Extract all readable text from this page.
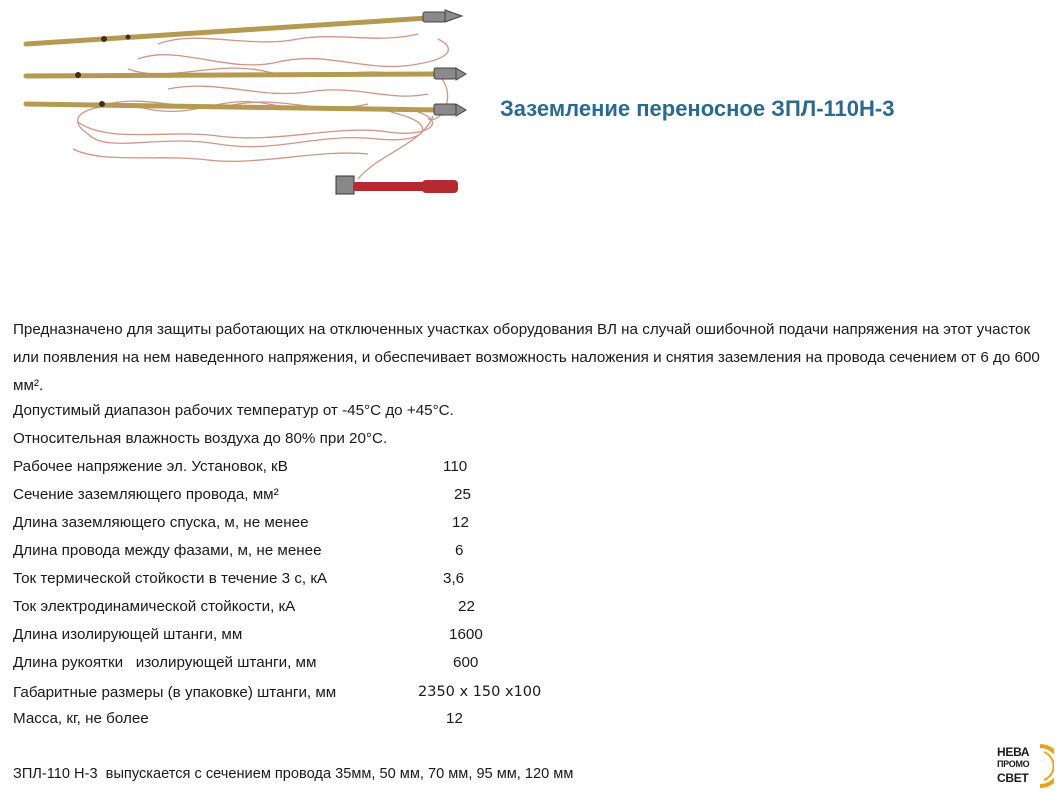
Заземление переносное ЗПЛ-110Н-3

Предназначено для защиты работающих на отключенных участках оборудования ВЛ на случай ошибочной подачи напряжения на этот участок или появления на нем наведенного напряжения, и обеспечивает возможность наложения и снятия заземления на провода сечением от 6 до 600 мм².

Допустимый диапазон рабочих температур от -45°С до +45°С.
Относительная влажность воздуха до 80% при 20°С.
Рабочее напряжение эл. Установок, кВ	110
Сечение заземляющего провода, мм²	25
Длина заземляющего спуска, м, не менее	12
Длина провода между фазами, м, не менее	6
Ток термической стойкости в течение 3 с, кА	3,6
Ток электродинамической стойкости, кА	22
Длина изолирующей штанги, мм	1600
Длина рукоятки   изолирующей штанги, мм	600
Габаритные размеры (в упаковке) штанги, мм	2350 x 150 x100
Масса, кг, не более	12
ЗПЛ-110 Н-3  выпускается с сечением провода 35мм, 50 мм, 70 мм, 95 мм, 120 мм
НЕВА
ПРОМО
СВЕТ
